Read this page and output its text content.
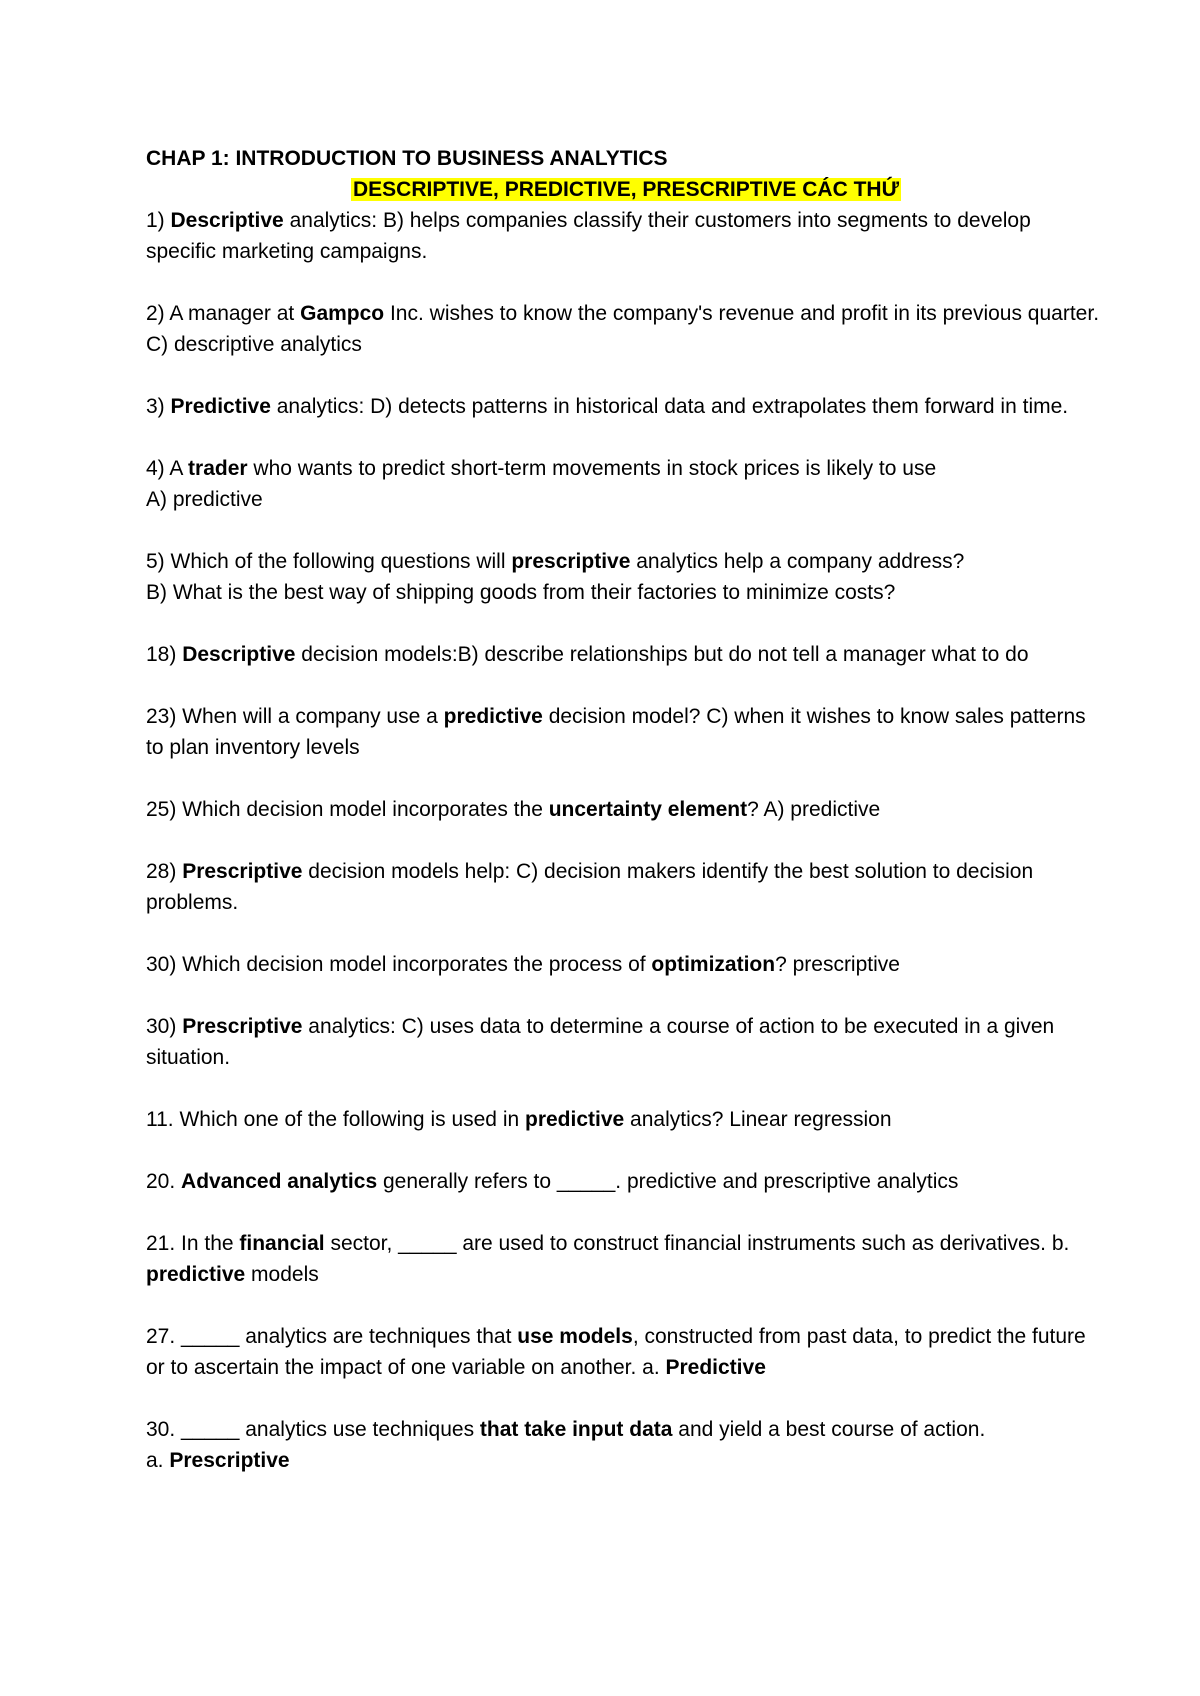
CHAP 1: INTRODUCTION TO BUSINESS ANALYTICS

DESCRIPTIVE, PREDICTIVE, PRESCRIPTIVE CÁC THỨ

1) Descriptive analytics: B) helps companies classify their customers into segments to develop specific marketing campaigns.

2) A manager at Gampco Inc. wishes to know the company's revenue and profit in its previous quarter. C) descriptive analytics

3) Predictive analytics: D) detects patterns in historical data and extrapolates them forward in time.

4) A trader who wants to predict short-term movements in stock prices is likely to use

A) predictive

5) Which of the following questions will prescriptive analytics help a company address?

B) What is the best way of shipping goods from their factories to minimize costs?

18) Descriptive decision models:B) describe relationships but do not tell a manager what to do

23) When will a company use a predictive decision model? C) when it wishes to know sales patterns to plan inventory levels

25) Which decision model incorporates the uncertainty element? A) predictive

28) Prescriptive decision models help: C) decision makers identify the best solution to decision problems.

30) Which decision model incorporates the process of optimization? prescriptive

30) Prescriptive analytics: C) uses data to determine a course of action to be executed in a given situation.

11. Which one of the following is used in predictive analytics? Linear regression

20. Advanced analytics generally refers to _____. predictive and prescriptive analytics

21. In the financial sector, _____ are used to construct financial instruments such as derivatives. b. predictive models

27. _____ analytics are techniques that use models, constructed from past data, to predict the future or to ascertain the impact of one variable on another. a. Predictive

30. _____ analytics use techniques that take input data and yield a best course of action.

a. Prescriptive
